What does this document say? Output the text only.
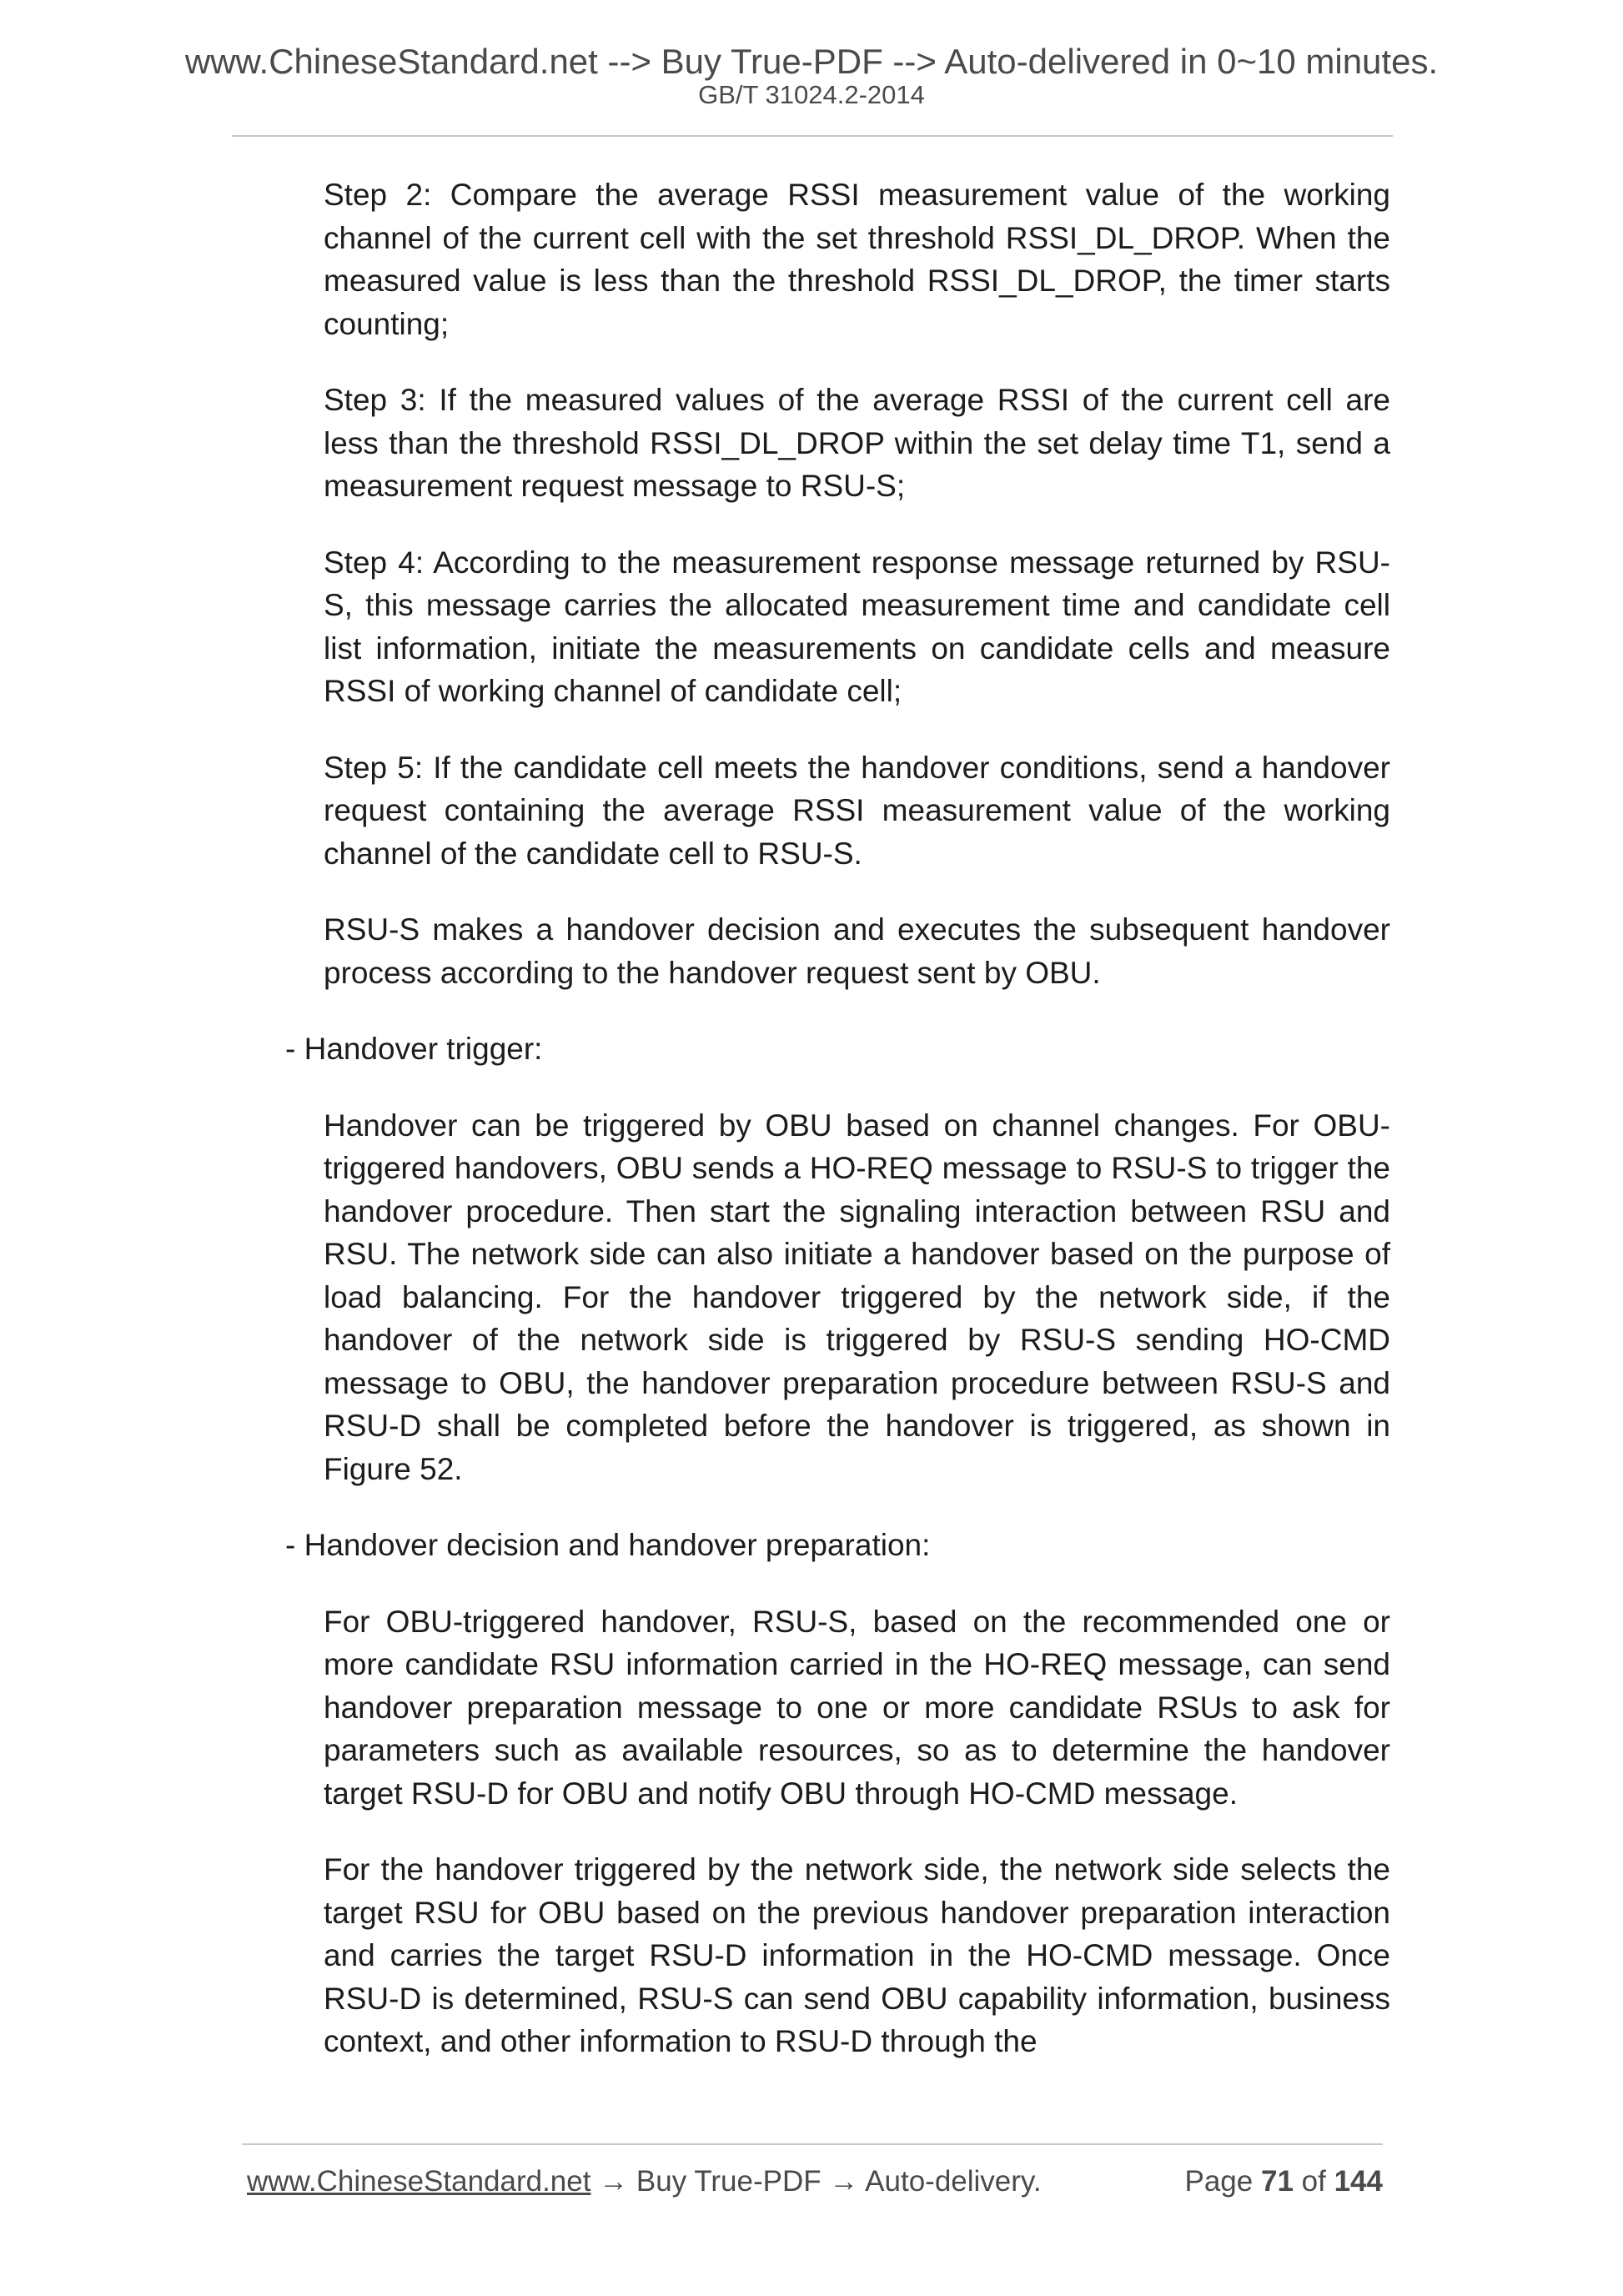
www.ChineseStandard.net --> Buy True-PDF --> Auto-delivered in 0~10 minutes.
GB/T 31024.2-2014

Step 2: Compare the average RSSI measurement value of the working channel of the current cell with the set threshold RSSI_DL_DROP. When the measured value is less than the threshold RSSI_DL_DROP, the timer starts counting;

Step 3: If the measured values of the average RSSI of the current cell are less than the threshold RSSI_DL_DROP within the set delay time T1, send a measurement request message to RSU-S;

Step 4: According to the measurement response message returned by RSU-S, this message carries the allocated measurement time and candidate cell list information, initiate the measurements on candidate cells and measure RSSI of working channel of candidate cell;

Step 5: If the candidate cell meets the handover conditions, send a handover request containing the average RSSI measurement value of the working channel of the candidate cell to RSU-S.

RSU-S makes a handover decision and executes the subsequent handover process according to the handover request sent by OBU.

- Handover trigger:

Handover can be triggered by OBU based on channel changes. For OBU-triggered handovers, OBU sends a HO-REQ message to RSU-S to trigger the handover procedure. Then start the signaling interaction between RSU and RSU. The network side can also initiate a handover based on the purpose of load balancing. For the handover triggered by the network side, if the handover of the network side is triggered by RSU-S sending HO-CMD message to OBU, the handover preparation procedure between RSU-S and RSU-D shall be completed before the handover is triggered, as shown in Figure 52.

- Handover decision and handover preparation:

For OBU-triggered handover, RSU-S, based on the recommended one or more candidate RSU information carried in the HO-REQ message, can send handover preparation message to one or more candidate RSUs to ask for parameters such as available resources, so as to determine the handover target RSU-D for OBU and notify OBU through HO-CMD message.

For the handover triggered by the network side, the network side selects the target RSU for OBU based on the previous handover preparation interaction and carries the target RSU-D information in the HO-CMD message. Once RSU-D is determined, RSU-S can send OBU capability information, business context, and other information to RSU-D through the

www.ChineseStandard.net → Buy True-PDF → Auto-delivery.	Page 71 of 144
